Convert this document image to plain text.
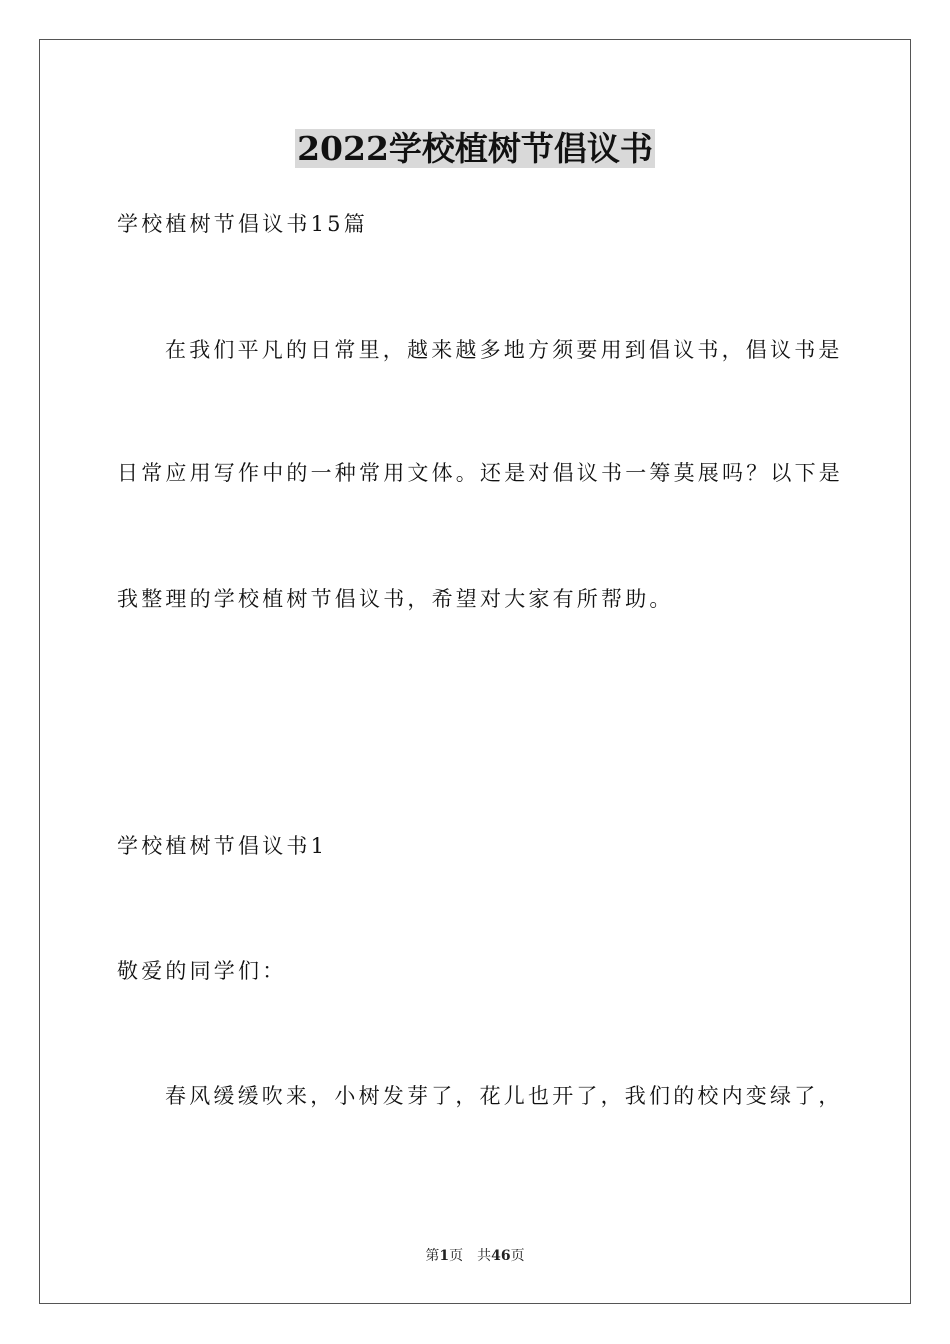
2022学校植树节倡议书
学校植树节倡议书15篇
在我们平凡的日常里，越来越多地方须要用到倡议书，倡议书是
日常应用写作中的一种常用文体。还是对倡议书一筹莫展吗？以下是
我整理的学校植树节倡议书，希望对大家有所帮助。
学校植树节倡议书1
敬爱的同学们：
春风缓缓吹来，小树发芽了，花儿也开了，我们的校内变绿了，
第1页 共46页
